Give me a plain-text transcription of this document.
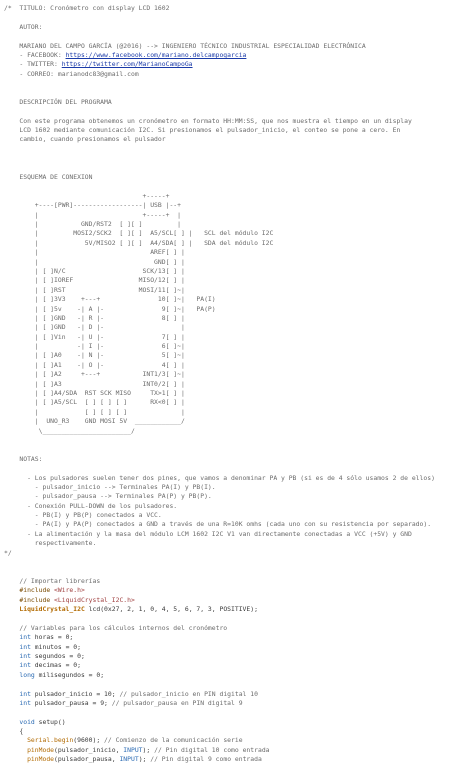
/*  TITULO: Cronómetro con display LCD 1602
AUTOR:
MARIANO DEL CAMPO GARCÍA (@2016) --> INGENIERO TÉCNICO INDUSTRIAL ESPECIALIDAD ELECTRÓNICA
- FACEBOOK: https://www.facebook.com/mariano.delcampogarcia
- TWITTER: https://twitter.com/MarianoCampoGa
- CORREO: marianodc83@gmail.com
DESCRIPCIÓN DEL PROGRAMA
Con este programa obtenemos un cronómetro en formato HH:MM:SS, que nos muestra el tiempo en un display
LCD 1602 mediante comunicación I2C. Si presionamos el pulsador_inicio, el conteo se pone a cero. En
cambio, cuando presionamos el pulsador
ESQUEMA DE CONEXION
+-----+
+----[PWR]------------------| USB |--+
|                           +-----+  |
|           GND/RST2  [ ][ ]         |
|         MOSI2/SCK2  [ ][ ]  A5/SCL[ ] |   SCL del módulo I2C
|            5V/MISO2 [ ][ ]  A4/SDA[ ] |   SDA del módulo I2C
|                             AREF[ ] |
|                              GND[ ] |
| [ ]N/C                    SCK/13[ ] |
| [ ]IOREF                 MISO/12[ ] |
| [ ]RST                   MOSI/11[ ]~|
| [ ]3V3    +---+               10[ ]~|   PA(I)
| [ ]5v    -| A |-               9[ ]~|   PA(P)
| [ ]GND   -| R |-               8[ ] |
| [ ]GND   -| D |-                    |
| [ ]Vin   -| U |-               7[ ] |
|          -| I |-               6[ ]~|
| [ ]A0    -| N |-               5[ ]~|
| [ ]A1    -| O |-               4[ ] |
| [ ]A2     +---+           INT1/3[ ]~|
| [ ]A3                     INT0/2[ ] |
| [ ]A4/SDA  RST SCK MISO     TX>1[ ] |
| [ ]A5/SCL  [ ] [ ] [ ]      RX<0[ ] |
|            [ ] [ ] [ ]              |
|  UNO_R3    GND MOSI 5V  ____________/
\_______________________/
NOTAS:
- Los pulsadores suelen tener dos pines, que vamos a denominar PA y PB (si es de 4 sólo usamos 2 de ellos)
- pulsador_inicio --> Terminales PA(I) y PB(I).
- pulsador_pausa --> Terminales PA(P) y PB(P).
- Conexión PULL-DOWN de los pulsadores.
- PB(I) y PB(P) conectados a VCC.
- PA(I) y PA(P) conectados a GND a través de una R=10K omhs (cada uno con su resistencia por separado).
- La alimentación y la masa del módulo LCM 1602 I2C V1 van directamente conectadas a VCC (+5V) y GND
respectivamente.
*/
// Importar librerías
#include <Wire.h>
#include <LiquidCrystal_I2C.h>
LiquidCrystal_I2C lcd(0x27, 2, 1, 0, 4, 5, 6, 7, 3, POSITIVE);
// Variables para los cálculos internos del cronómetro
int horas = 0;
int minutos = 0;
int segundos = 0;
int decimas = 0;
long milisegundos = 0;
int pulsador_inicio = 10; // pulsador_inicio en PIN digital 10
int pulsador_pausa = 9; // pulsador_pausa en PIN digital 9
void setup()
{
Serial.begin(9600); // Comienzo de la comunicación serie
pinMode(pulsador_inicio, INPUT); // Pin digital 10 como entrada
pinMode(pulsador_pausa, INPUT); // Pin digital 9 como entrada
